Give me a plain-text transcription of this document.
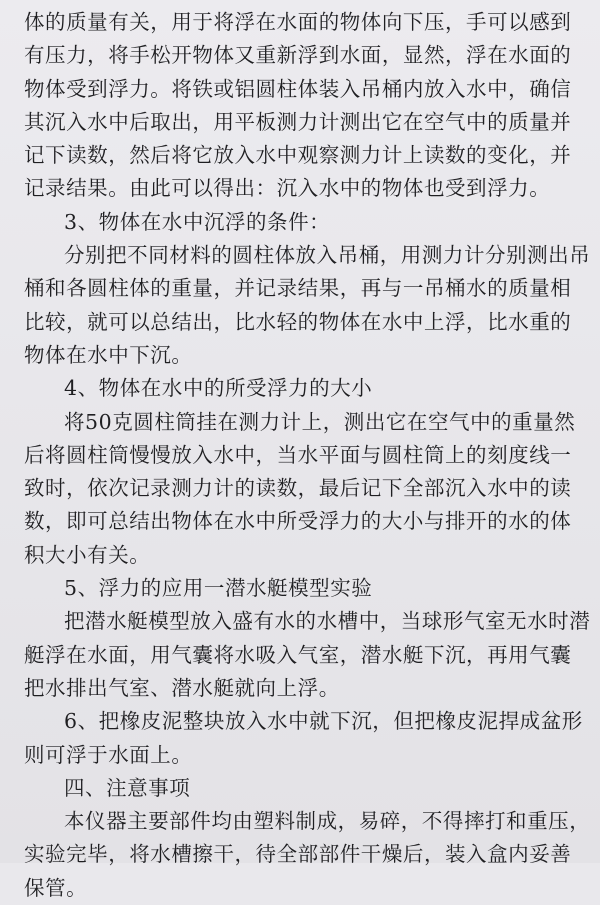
体的质量有关，用于将浮在水面的物体向下压，手可以感到
有压力，将手松开物体又重新浮到水面，显然，浮在水面的
物体受到浮力。将铁或铝圆柱体装入吊桶内放入水中，确信
其沉入水中后取出，用平板测力计测出它在空气中的质量并
记下读数，然后将它放入水中观察测力计上读数的变化，并
记录结果。由此可以得出：沉入水中的物体也受到浮力。
3、物体在水中沉浮的条件：
分别把不同材料的圆柱体放入吊桶，用测力计分别测出吊
桶和各圆柱体的重量，并记录结果，再与一吊桶水的质量相
比较，就可以总结出，比水轻的物体在水中上浮，比水重的
物体在水中下沉。
4、物体在水中的所受浮力的大小
将50克圆柱筒挂在测力计上，测出它在空气中的重量然
后将圆柱筒慢慢放入水中，当水平面与圆柱筒上的刻度线一
致时，依次记录测力计的读数，最后记下全部沉入水中的读
数，即可总结出物体在水中所受浮力的大小与排开的水的体
积大小有关。
5、浮力的应用一潜水艇模型实验
把潜水艇模型放入盛有水的水槽中，当球形气室无水时潜
艇浮在水面，用气囊将水吸入气室，潜水艇下沉，再用气囊
把水排出气室、潜水艇就向上浮。
6、把橡皮泥整块放入水中就下沉，但把橡皮泥捍成盆形
则可浮于水面上。
四、注意事项
本仪器主要部件均由塑料制成，易碎，不得摔打和重压，
实验完毕，将水槽擦干，待全部部件干燥后，装入盒内妥善
保管。
